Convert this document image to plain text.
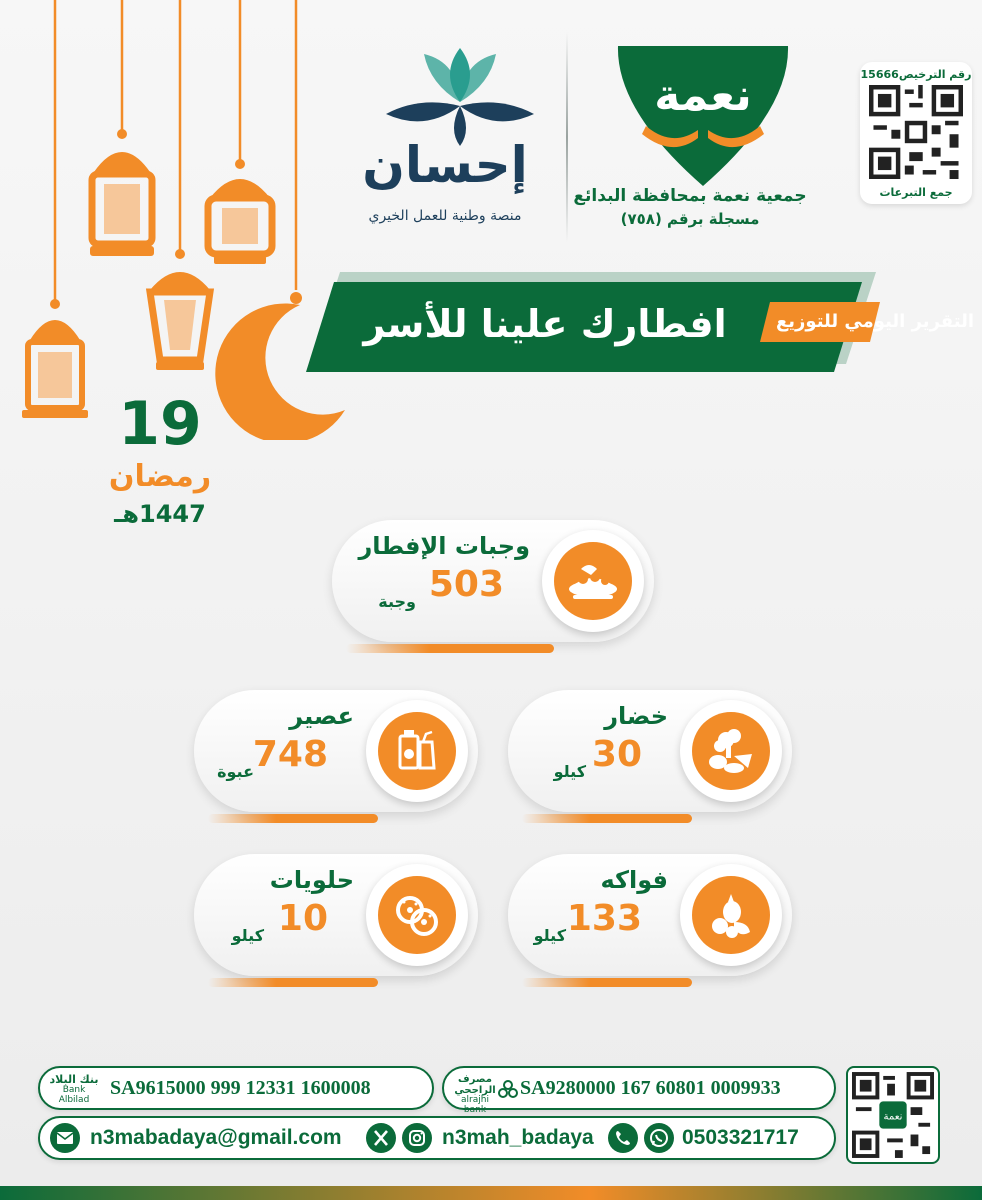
رقم الترخيص15666
جمع التبرعات
نعمة
جمعية نعمة بمحافظة البدائع
مسجلة برقم (٧٥٨)
إحسان
منصة وطنية للعمل الخيري
افطارك علينا للأسر	التقرير اليومي للتوزيع
19
رمضان
1447هـ
وجبات الإفطار
503
وجبة
خضار
30
كيلو
عصير
748
عبوة
فواكه
133
كيلو
حلويات
10
كيلو
بنك البلاد
Bank Albilad
SA9615000 999 12331 1600008	مصرف الراجحي
alrajhi bank
SA9280000 167 60801 0009933
n3mabadaya@gmail.com	n3mah_badaya	0503321717
نعمة
